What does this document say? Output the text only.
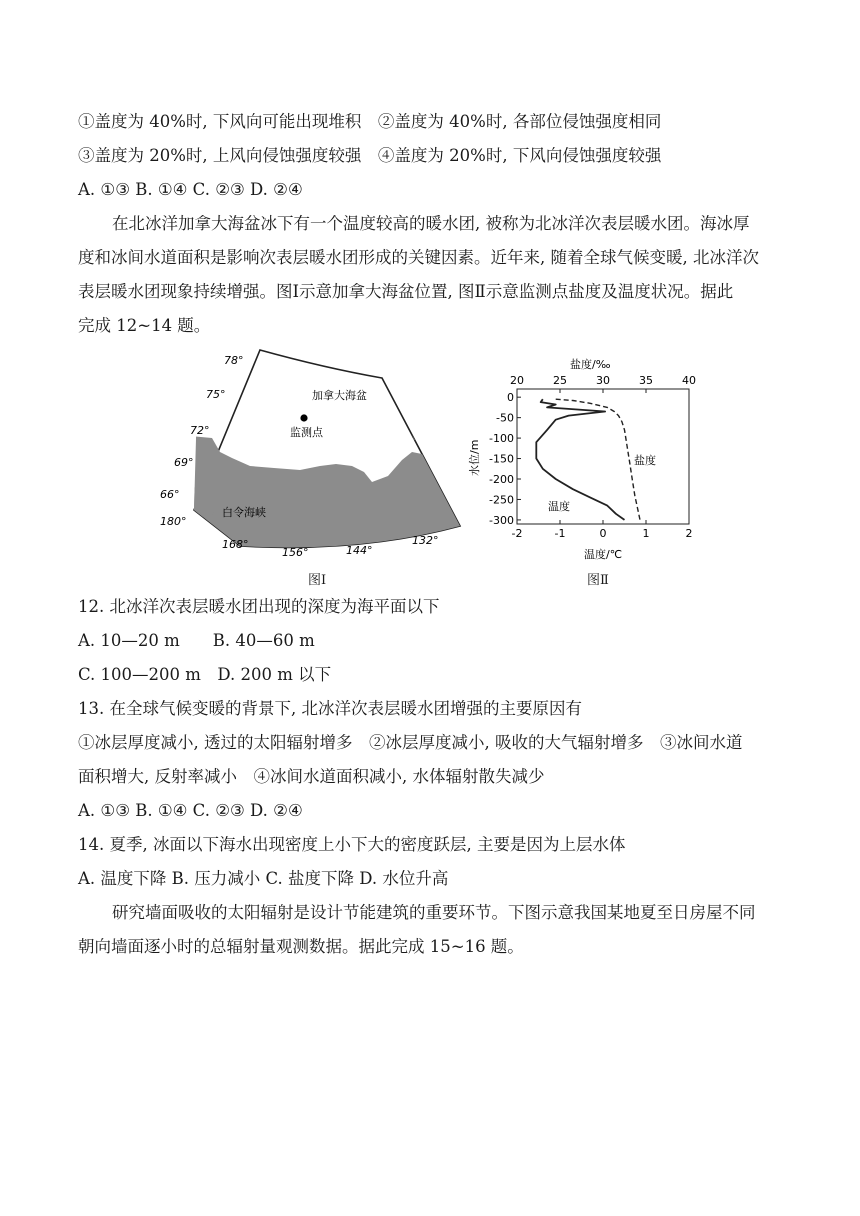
①盖度为 40%时, 下风向可能出现堆积　②盖度为 40%时, 各部位侵蚀强度相同
③盖度为 20%时, 上风向侵蚀强度较强　④盖度为 20%时, 下风向侵蚀强度较强
A. ①③ B. ①④ C. ②③ D. ②④
在北冰洋加拿大海盆冰下有一个温度较高的暖水团, 被称为北冰洋次表层暖水团。海冰厚
度和冰间水道面积是影响次表层暖水团形成的关键因素。近年来, 随着全球气候变暖, 北冰洋次
表层暖水团现象持续增强。图Ⅰ示意加拿大海盆位置, 图Ⅱ示意监测点盐度及温度状况。据此
完成 12~14 题。
加拿大海盆
监测点
白令海峡
78°
75°
72°
69°
66°
180°
168°
156°	144°
132°
图Ⅰ
盐度/‰
20	25	30	35	40
-2	-1	0	1	2
0
-50
-100
-150
-200
-250
-300
水位/m	盐度
温度
温度/℃
图Ⅱ
12. 北冰洋次表层暖水团出现的深度为海平面以下
A. 10—20 m　　B. 40—60 m
C. 100—200 m　D. 200 m 以下
13. 在全球气候变暖的背景下, 北冰洋次表层暖水团增强的主要原因有
①冰层厚度减小, 透过的太阳辐射增多　②冰层厚度减小, 吸收的大气辐射增多　③冰间水道
面积增大, 反射率减小　④冰间水道面积减小, 水体辐射散失减少
A. ①③ B. ①④ C. ②③ D. ②④
14. 夏季, 冰面以下海水出现密度上小下大的密度跃层, 主要是因为上层水体
A. 温度下降 B. 压力减小 C. 盐度下降 D. 水位升高
研究墙面吸收的太阳辐射是设计节能建筑的重要环节。下图示意我国某地夏至日房屋不同
朝向墙面逐小时的总辐射量观测数据。据此完成 15~16 题。
